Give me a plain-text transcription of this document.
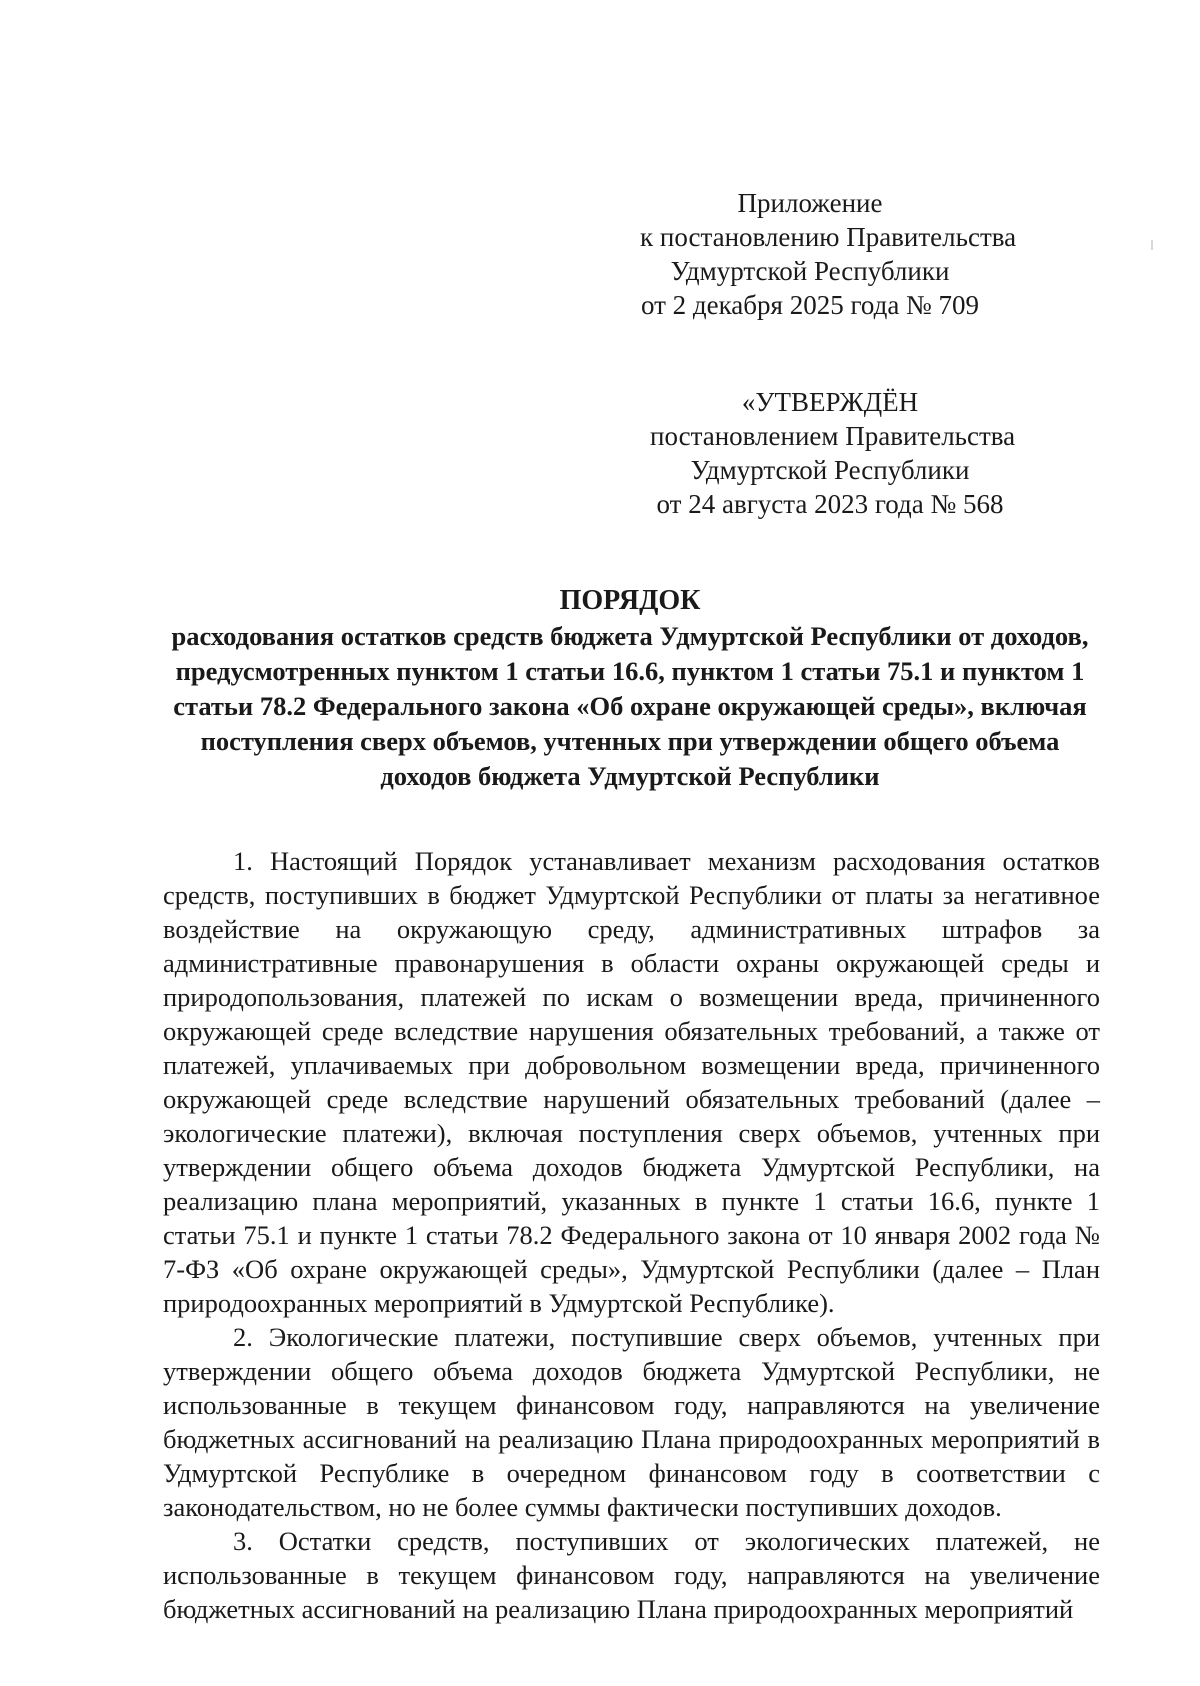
Приложение
к постановлению Правительства
Удмуртской Республики
от 2 декабря 2025 года № 709
«УТВЕРЖДЁН
постановлением Правительства
Удмуртской Республики
от 24 августа 2023 года № 568
ПОРЯДОК
расходования остатков средств бюджета Удмуртской Республики от доходов, предусмотренных пунктом 1 статьи 16.6, пунктом 1 статьи 75.1 и пунктом 1 статьи 78.2 Федерального закона «Об охране окружающей среды», включая поступления сверх объемов, учтенных при утверждении общего объема доходов бюджета Удмуртской Республики

1. Настоящий Порядок устанавливает механизм расходования остатков средств, поступивших в бюджет Удмуртской Республики от платы за негативное воздействие на окружающую среду, административных штрафов за административные правонарушения в области охраны окружающей среды и природопользования, платежей по искам о возмещении вреда, причиненного окружающей среде вследствие нарушения обязательных требований, а также от платежей, уплачиваемых при добровольном возмещении вреда, причиненного окружающей среде вследствие нарушений обязательных требований (далее – экологические платежи), включая поступления сверх объемов, учтенных при утверждении общего объема доходов бюджета Удмуртской Республики, на реализацию плана мероприятий, указанных в пункте 1 статьи 16.6, пункте 1 статьи 75.1 и пункте 1 статьи 78.2 Федерального закона от 10 января 2002 года № 7-ФЗ «Об охране окружающей среды», Удмуртской Республики (далее – План природоохранных мероприятий в Удмуртской Республике).

2. Экологические платежи, поступившие сверх объемов, учтенных при утверждении общего объема доходов бюджета Удмуртской Республики, не использованные в текущем финансовом году, направляются на увеличение бюджетных ассигнований на реализацию Плана природоохранных мероприятий в Удмуртской Республике в очередном финансовом году в соответствии с законодательством, но не более суммы фактически поступивших доходов.

3. Остатки средств, поступивших от экологических платежей, не использованные в текущем финансовом году, направляются на увеличение бюджетных ассигнований на реализацию Плана природоохранных мероприятий
